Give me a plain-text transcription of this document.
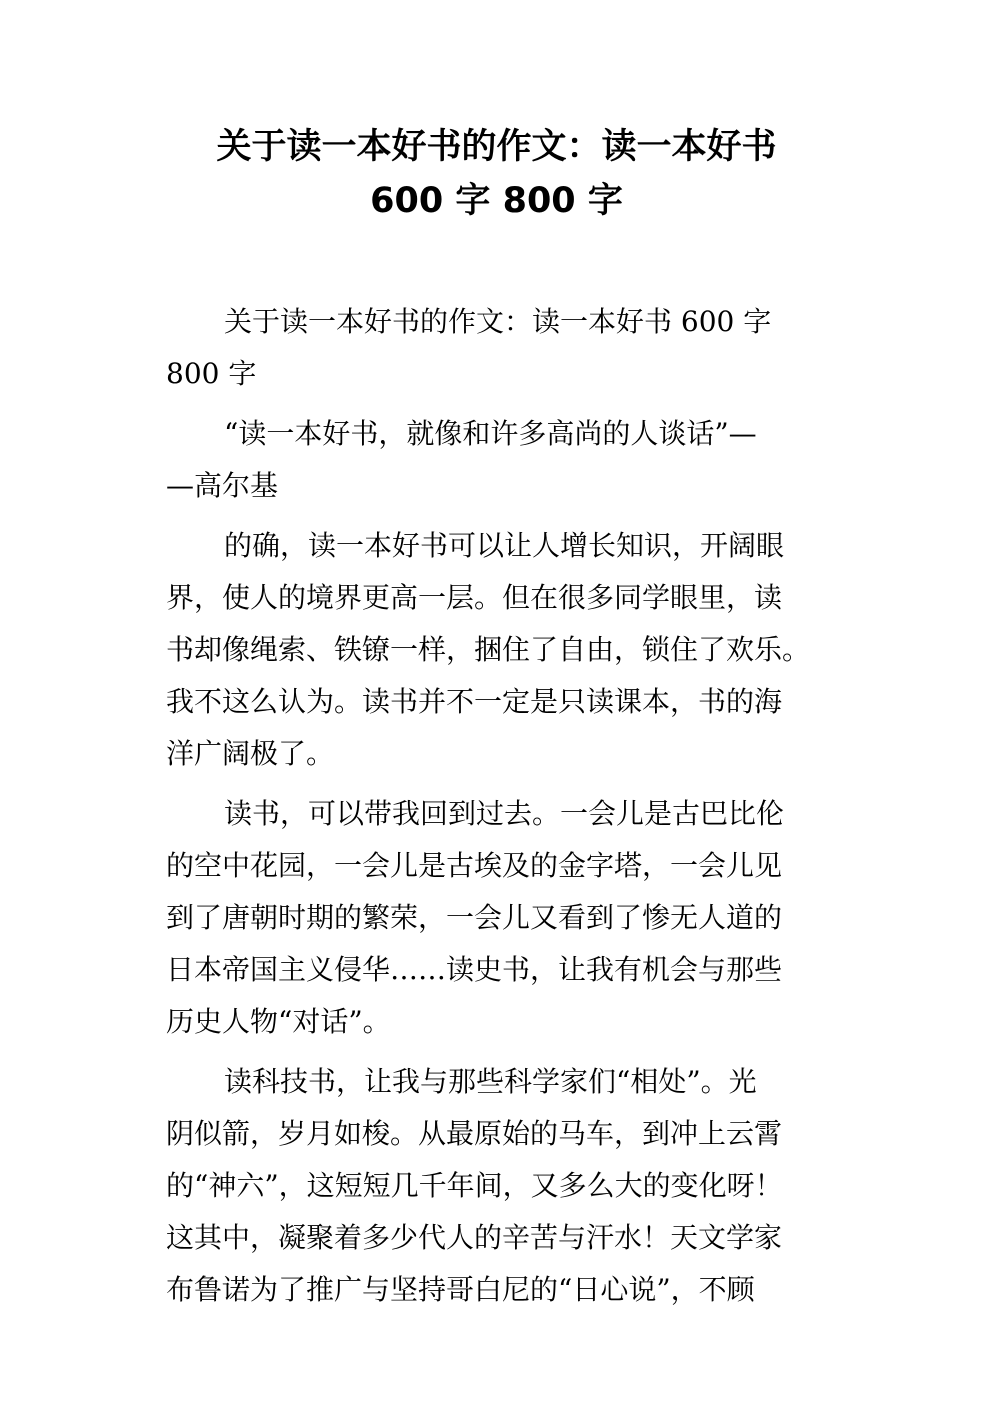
关于读一本好书的作文：读一本好书
600 字 800 字

关于读一本好书的作文：读一本好书 600 字
800 字

“读一本好书，就像和许多高尚的人谈话”—
—高尔基

的确，读一本好书可以让人增长知识，开阔眼
界，使人的境界更高一层。但在很多同学眼里，读
书却像绳索、铁镣一样，捆住了自由，锁住了欢乐。
我不这么认为。读书并不一定是只读课本，书的海
洋广阔极了。

读书，可以带我回到过去。一会儿是古巴比伦
的空中花园，一会儿是古埃及的金字塔，一会儿见
到了唐朝时期的繁荣，一会儿又看到了惨无人道的
日本帝国主义侵华……读史书，让我有机会与那些
历史人物“对话”。

读科技书，让我与那些科学家们“相处”。光
阴似箭，岁月如梭。从最原始的马车，到冲上云霄
的“神六”，这短短几千年间，又多么大的变化呀！
这其中，凝聚着多少代人的辛苦与汗水！天文学家
布鲁诺为了推广与坚持哥白尼的“日心说”，不顾
